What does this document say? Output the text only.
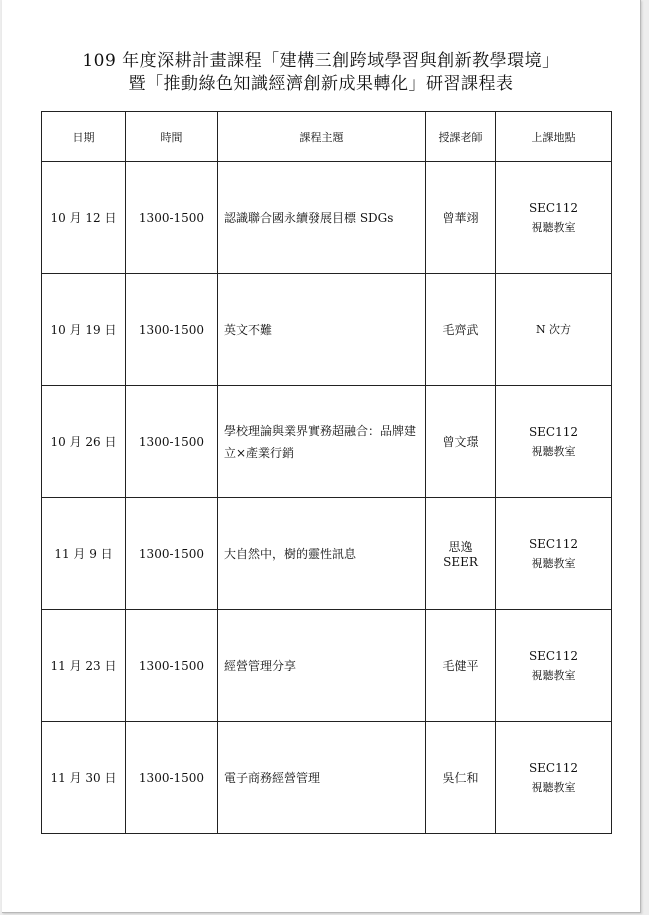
109 年度深耕計畫課程「建構三創跨域學習與創新教學環境」
暨「推動綠色知識經濟創新成果轉化」研習課程表
日期	時間	課程主題	授課老師	上課地點
10 月 12 日	1300-1500	認識聯合國永續發展目標 SDGs	曾華翊	SEC112
視聽教室

10 月 19 日	1300-1500	英文不難	毛齊武	N 次方

10 月 26 日	1300-1500	學校理論與業界實務超融合：品牌建立×產業行銷	曾文璟	SEC112
視聽教室

11 月 9 日	1300-1500	大自然中，樹的靈性訊息	思逸 SEER	SEC112
視聽教室

11 月 23 日	1300-1500	經營管理分享	毛健平	SEC112
視聽教室

11 月 30 日	1300-1500	電子商務經營管理	吳仁和	SEC112
視聽教室
